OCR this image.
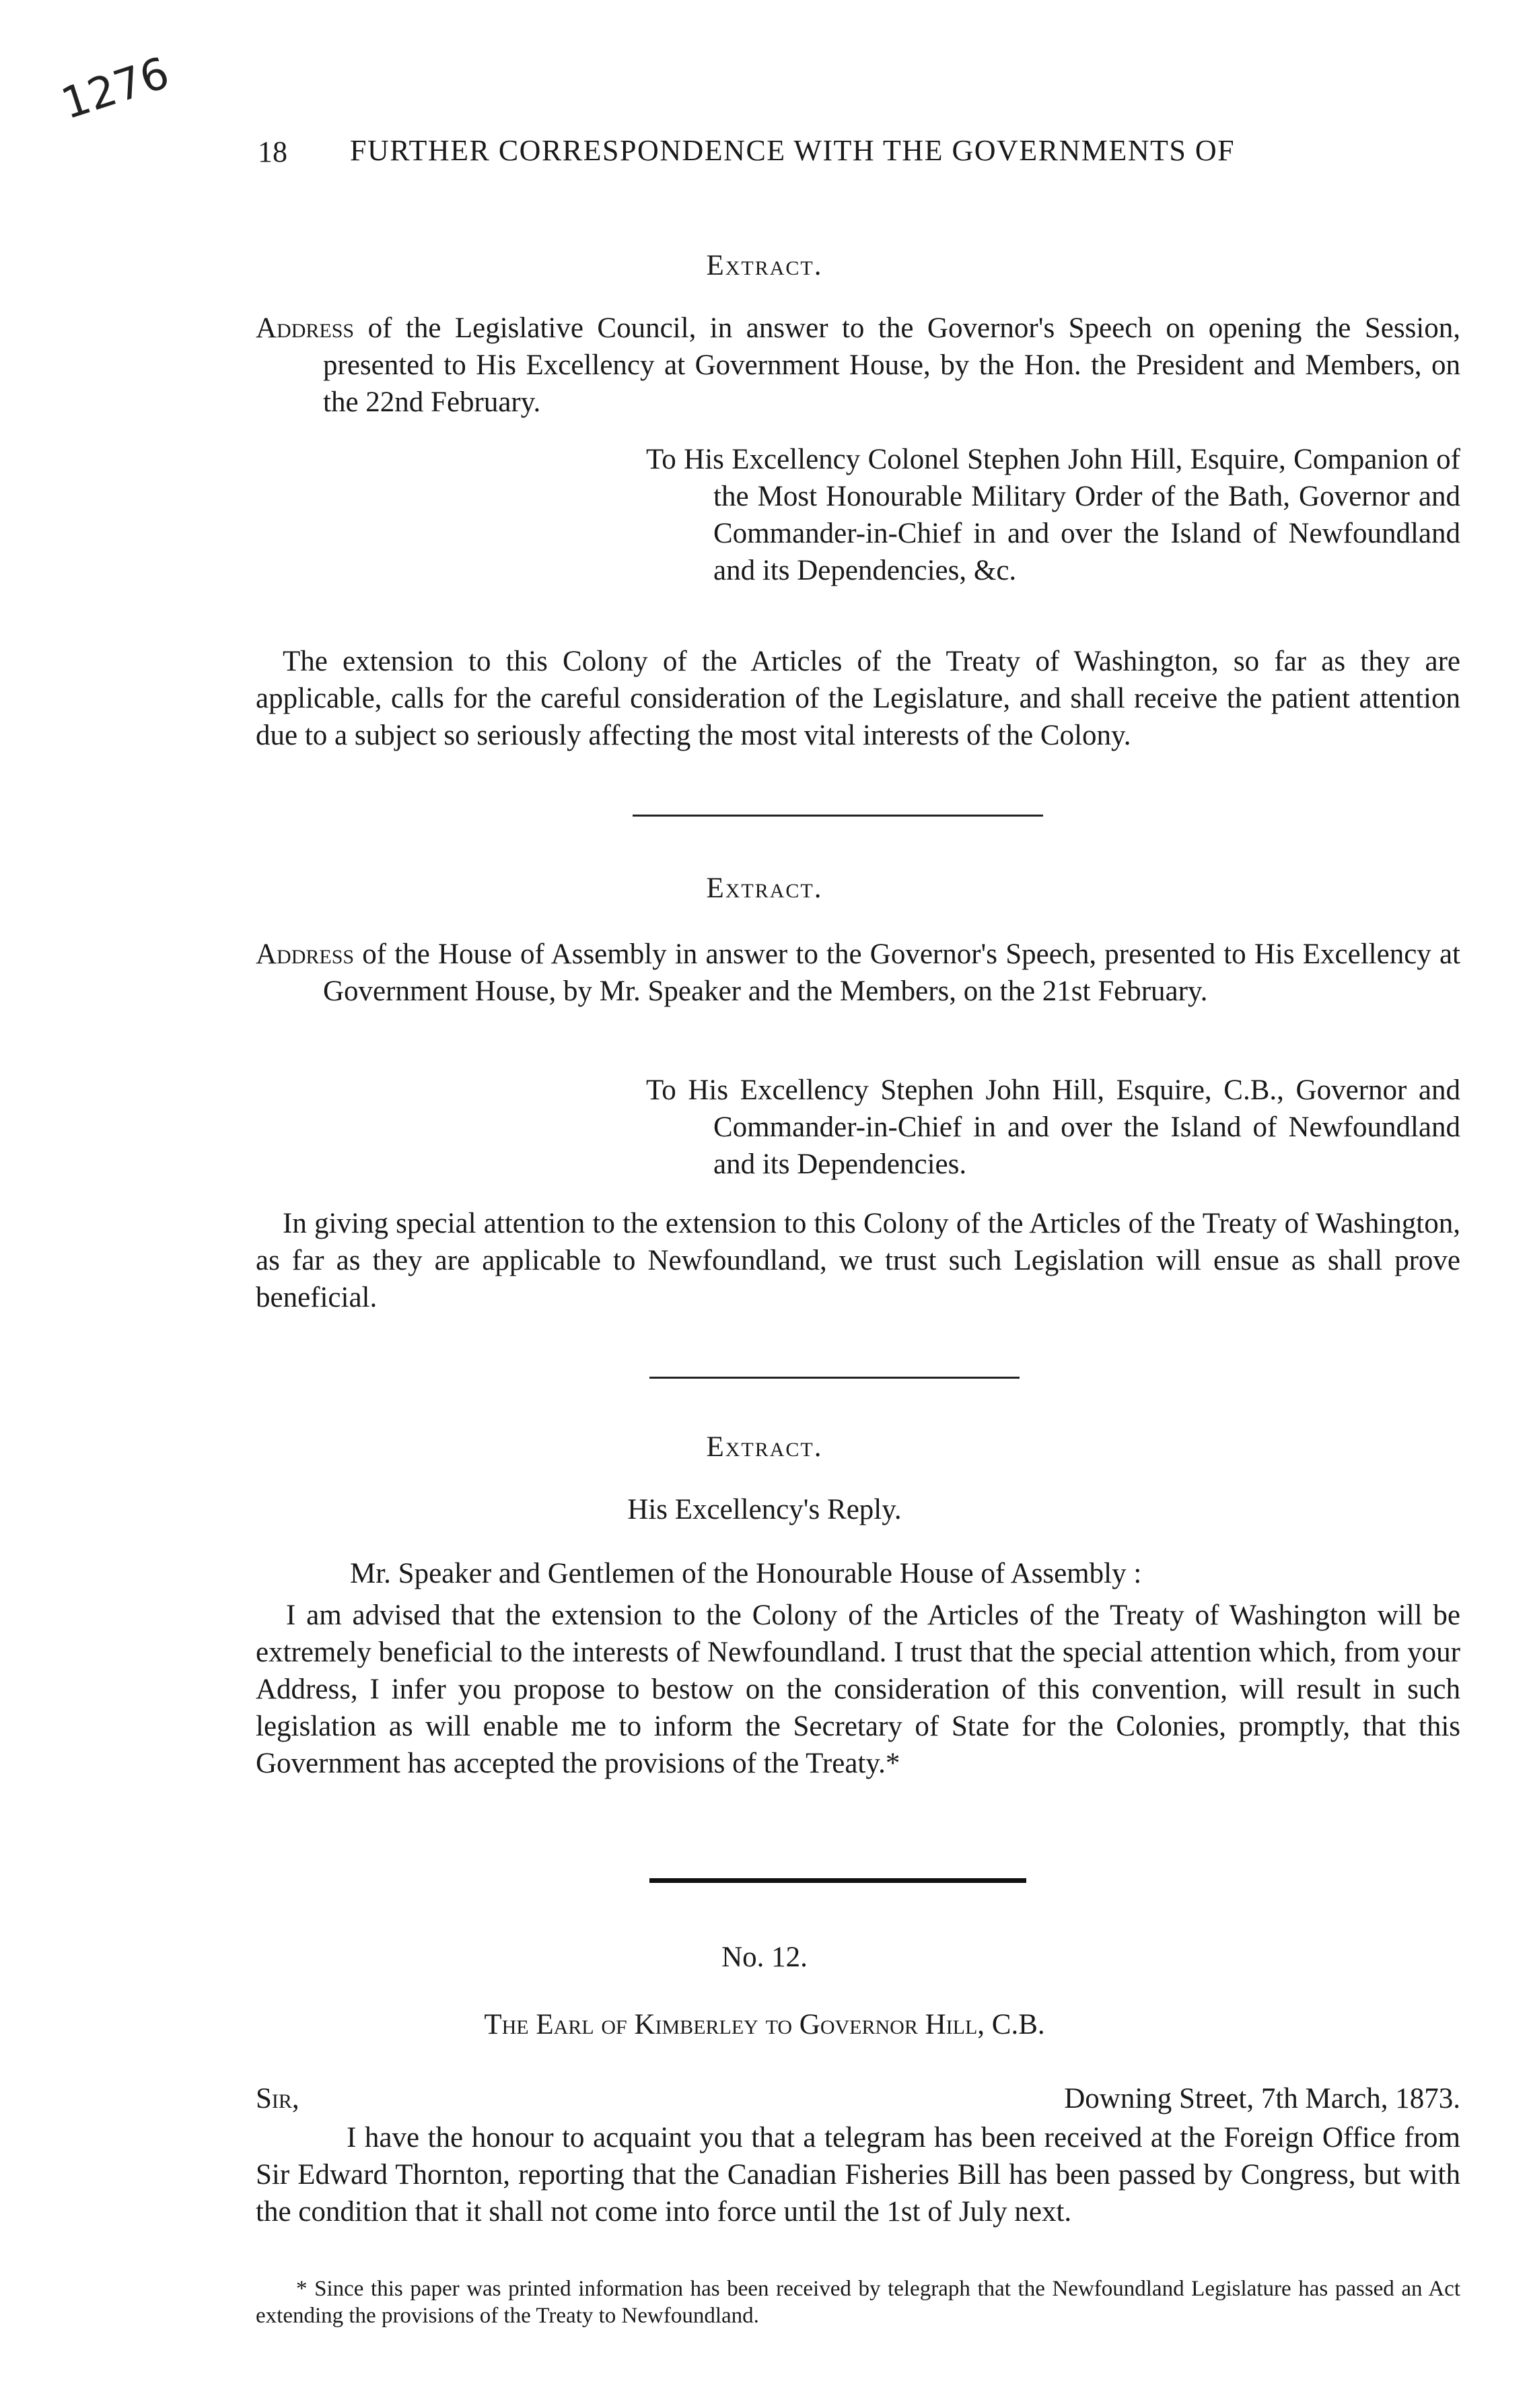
1276
18 FURTHER CORRESPONDENCE WITH THE GOVERNMENTS OF
Extract.
Address of the Legislative Council, in answer to the Governor's Speech on opening the Session, presented to His Excellency at Government House, by the Hon. the President and Members, on the 22nd February.
To His Excellency Colonel Stephen John Hill, Esquire, Companion of the Most Honourable Military Order of the Bath, Governor and Commander-in-Chief in and over the Island of Newfoundland and its Dependencies, &c.
The extension to this Colony of the Articles of the Treaty of Washington, so far as they are applicable, calls for the careful consideration of the Legislature, and shall receive the patient attention due to a subject so seriously affecting the most vital interests of the Colony.
Extract.
Address of the House of Assembly in answer to the Governor's Speech, presented to His Excellency at Government House, by Mr. Speaker and the Members, on the 21st February.
To His Excellency Stephen John Hill, Esquire, C.B., Governor and Commander-in-Chief in and over the Island of Newfoundland and its Dependencies.
In giving special attention to the extension to this Colony of the Articles of the Treaty of Washington, as far as they are applicable to Newfoundland, we trust such Legislation will ensue as shall prove beneficial.
Extract.
His Excellency's Reply.
Mr. Speaker and Gentlemen of the Honourable House of Assembly :
I am advised that the extension to the Colony of the Articles of the Treaty of Washington will be extremely beneficial to the interests of Newfoundland. I trust that the special attention which, from your Address, I infer you propose to bestow on the consideration of this convention, will result in such legislation as will enable me to inform the Secretary of State for the Colonies, promptly, that this Government has accepted the provisions of the Treaty.*
No. 12.
The Earl of Kimberley to Governor Hill, C.B.
Sir,	Downing Street, 7th March, 1873.
I have the honour to acquaint you that a telegram has been received at the Foreign Office from Sir Edward Thornton, reporting that the Canadian Fisheries Bill has been passed by Congress, but with the condition that it shall not come into force until the 1st of July next.
* Since this paper was printed information has been received by telegraph that the Newfoundland Legislature has passed an Act extending the provisions of the Treaty to Newfoundland.
